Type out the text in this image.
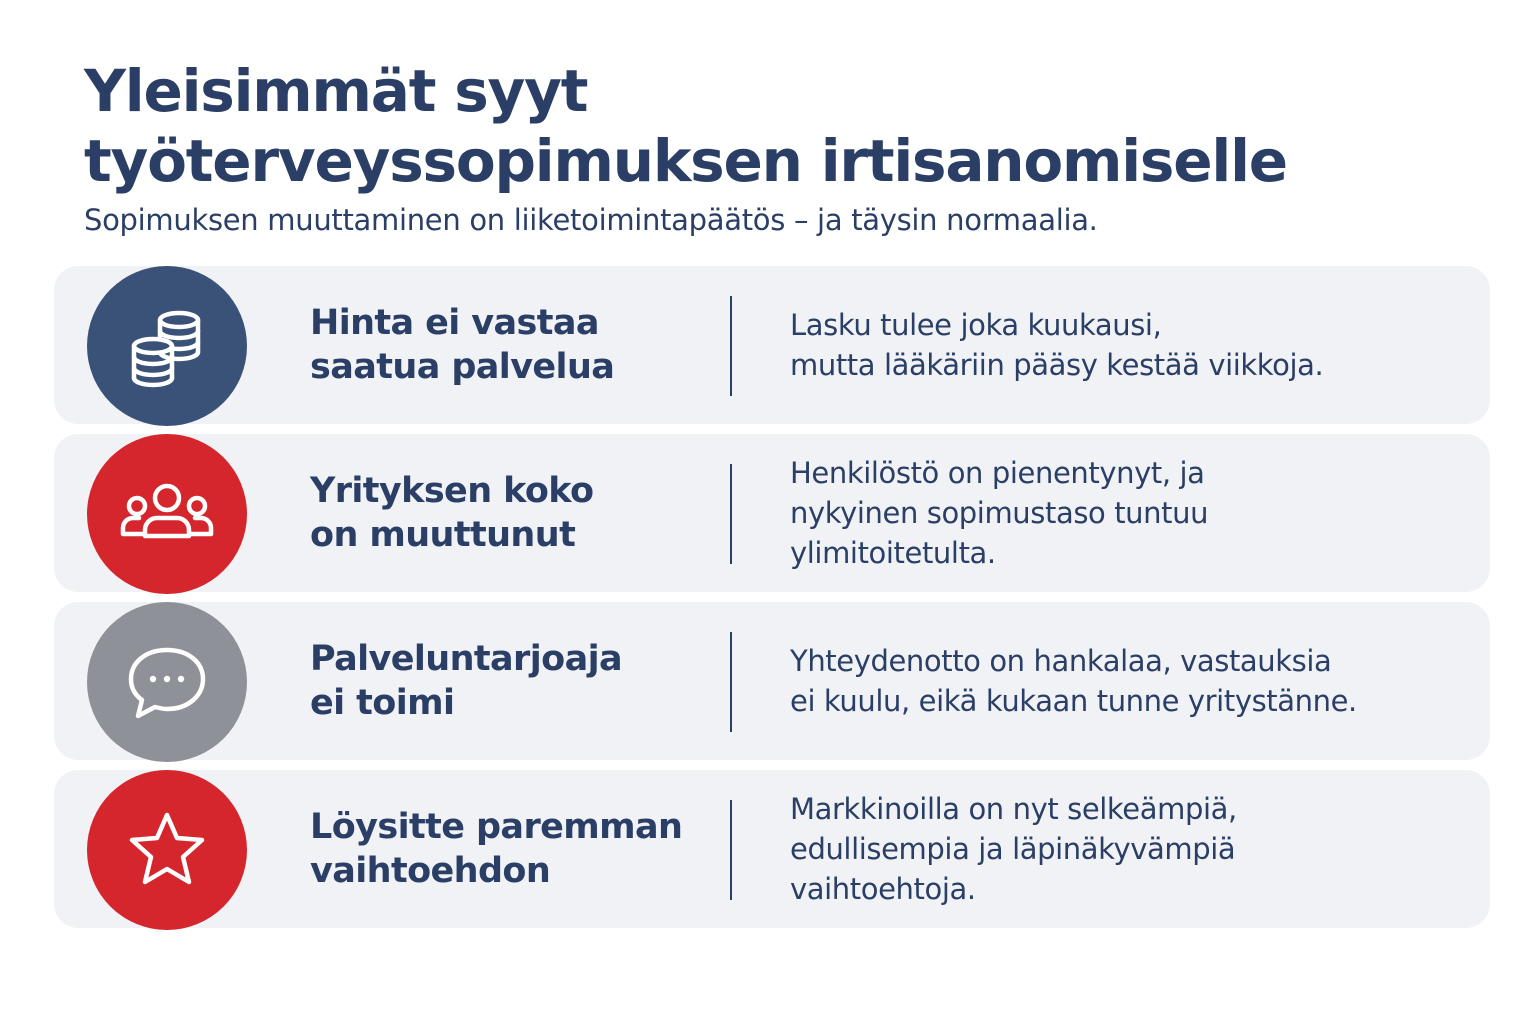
Yleisimmät syyt
työterveyssopimuksen irtisanomiselle

Sopimuksen muuttaminen on liiketoimintapäätös – ja täysin normaalia.

Hinta ei vastaa
saatua palvelua
Lasku tulee joka kuukausi,
mutta lääkäriin pääsy kestää viikkoja.
Yrityksen koko
on muuttunut
Henkilöstö on pienentynyt, ja
nykyinen sopimustaso tuntuu
ylimitoitetulta.
Palveluntarjoaja
ei toimi
Yhteydenotto on hankalaa, vastauksia
ei kuulu, eikä kukaan tunne yritystänne.
Löysitte paremman
vaihtoehdon
Markkinoilla on nyt selkeämpiä,
edullisempia ja läpinäkyvämpiä
vaihtoehtoja.
